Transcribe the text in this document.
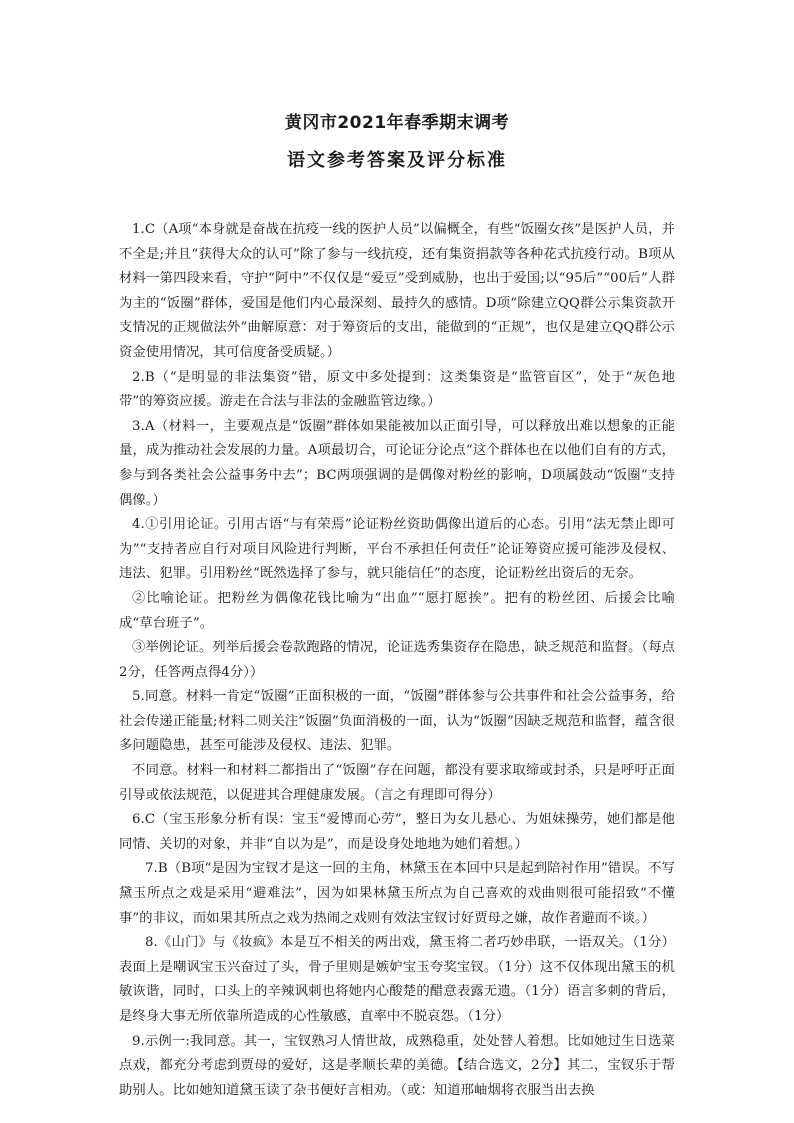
黄冈市2021年春季期末调考
语文参考答案及评分标准

1.C（A项“本身就是奋战在抗疫一线的医护人员”以偏概全，有些“饭圈女孩”是医护人员，并不全是;并且“获得大众的认可”除了参与一线抗疫，还有集资捐款等各种花式抗疫行动。B项从材料一第四段来看，守护“阿中”不仅仅是“爱豆”受到威胁，也出于爱国;以“95后”“00后”人群为主的“饭圈”群体，爱国是他们内心最深刻、最持久的感情。D项“除建立QQ群公示集资款开支情况的正规做法外”曲解原意：对于筹资后的支出，能做到的“正规”，也仅是建立QQ群公示资金使用情况，其可信度备受质疑。）

2.B（“是明显的非法集资”错，原文中多处提到：这类集资是“监管盲区”，处于“灰色地带”的筹资应援。游走在合法与非法的金融监管边缘。）

3.A（材料一，主要观点是“饭圈”群体如果能被加以正面引导，可以释放出难以想象的正能量，成为推动社会发展的力量。A项最切合，可论证分论点“这个群体也在以他们自有的方式，参与到各类社会公益事务中去”；BC两项强调的是偶像对粉丝的影响，D项属鼓动“饭圈”支持偶像。）

4.①引用论证。引用古语“与有荣焉”论证粉丝资助偶像出道后的心态。引用“法无禁止即可为”“支持者应自行对项目风险进行判断，平台不承担任何责任”论证筹资应援可能涉及侵权、违法、犯罪。引用粉丝“既然选择了参与，就只能信任”的态度，论证粉丝出资后的无奈。

②比喻论证。把粉丝为偶像花钱比喻为“出血”“愿打愿挨”。把有的粉丝团、后援会比喻成“草台班子”。

③举例论证。列举后援会卷款跑路的情况，论证选秀集资存在隐患，缺乏规范和监督。（每点2分，任答两点得4分））

5.同意。材料一肯定“饭圈”正面积极的一面，“饭圈”群体参与公共事件和社会公益事务，给社会传递正能量;材料二则关注“饭圈”负面消极的一面，认为“饭圈”因缺乏规范和监督，蕴含很多问题隐患，甚至可能涉及侵权、违法、犯罪。

不同意。材料一和材料二都指出了“饭圈”存在问题，都没有要求取缔或封杀，只是呼吁正面引导或依法规范，以促进其合理健康发展。（言之有理即可得分）

6.C（宝玉形象分析有误：宝玉“爱博而心劳”，整日为女儿悬心、为姐妹操劳，她们都是他同情、关切的对象，并非“自以为是”，而是设身处地地为她们着想。）

7.B（B项“是因为宝钗才是这一回的主角，林黛玉在本回中只是起到陪衬作用”错误。不写黛玉所点之戏是采用“避难法”，因为如果林黛玉所点为自己喜欢的戏曲则很可能招致“不懂事”的非议，而如果其所点之戏为热闹之戏则有效法宝钗讨好贾母之嫌，故作者避而不谈。）

8.《山门》与《妆疯》本是互不相关的两出戏，黛玉将二者巧妙串联，一语双关。（1分）表面上是嘲讽宝玉兴奋过了头，骨子里则是嫉妒宝玉夸奖宝钗。（1分）这不仅体现出黛玉的机敏诙谐，同时，口头上的辛辣讽刺也将她内心酸楚的醋意表露无遗。（1分）语言多刺的背后，是终身大事无所依靠所造成的心性敏感，直率中不脱哀怨。（1分）

9.示例一:我同意。其一，宝钗熟习人情世故，成熟稳重，处处替人着想。比如她过生日选菜点戏，都充分考虑到贾母的爱好，这是孝顺长辈的美德。【结合选文，2分】其二，宝钗乐于帮助别人。比如她知道黛玉读了杂书便好言相劝。（或：知道邢岫烟将衣服当出去换
